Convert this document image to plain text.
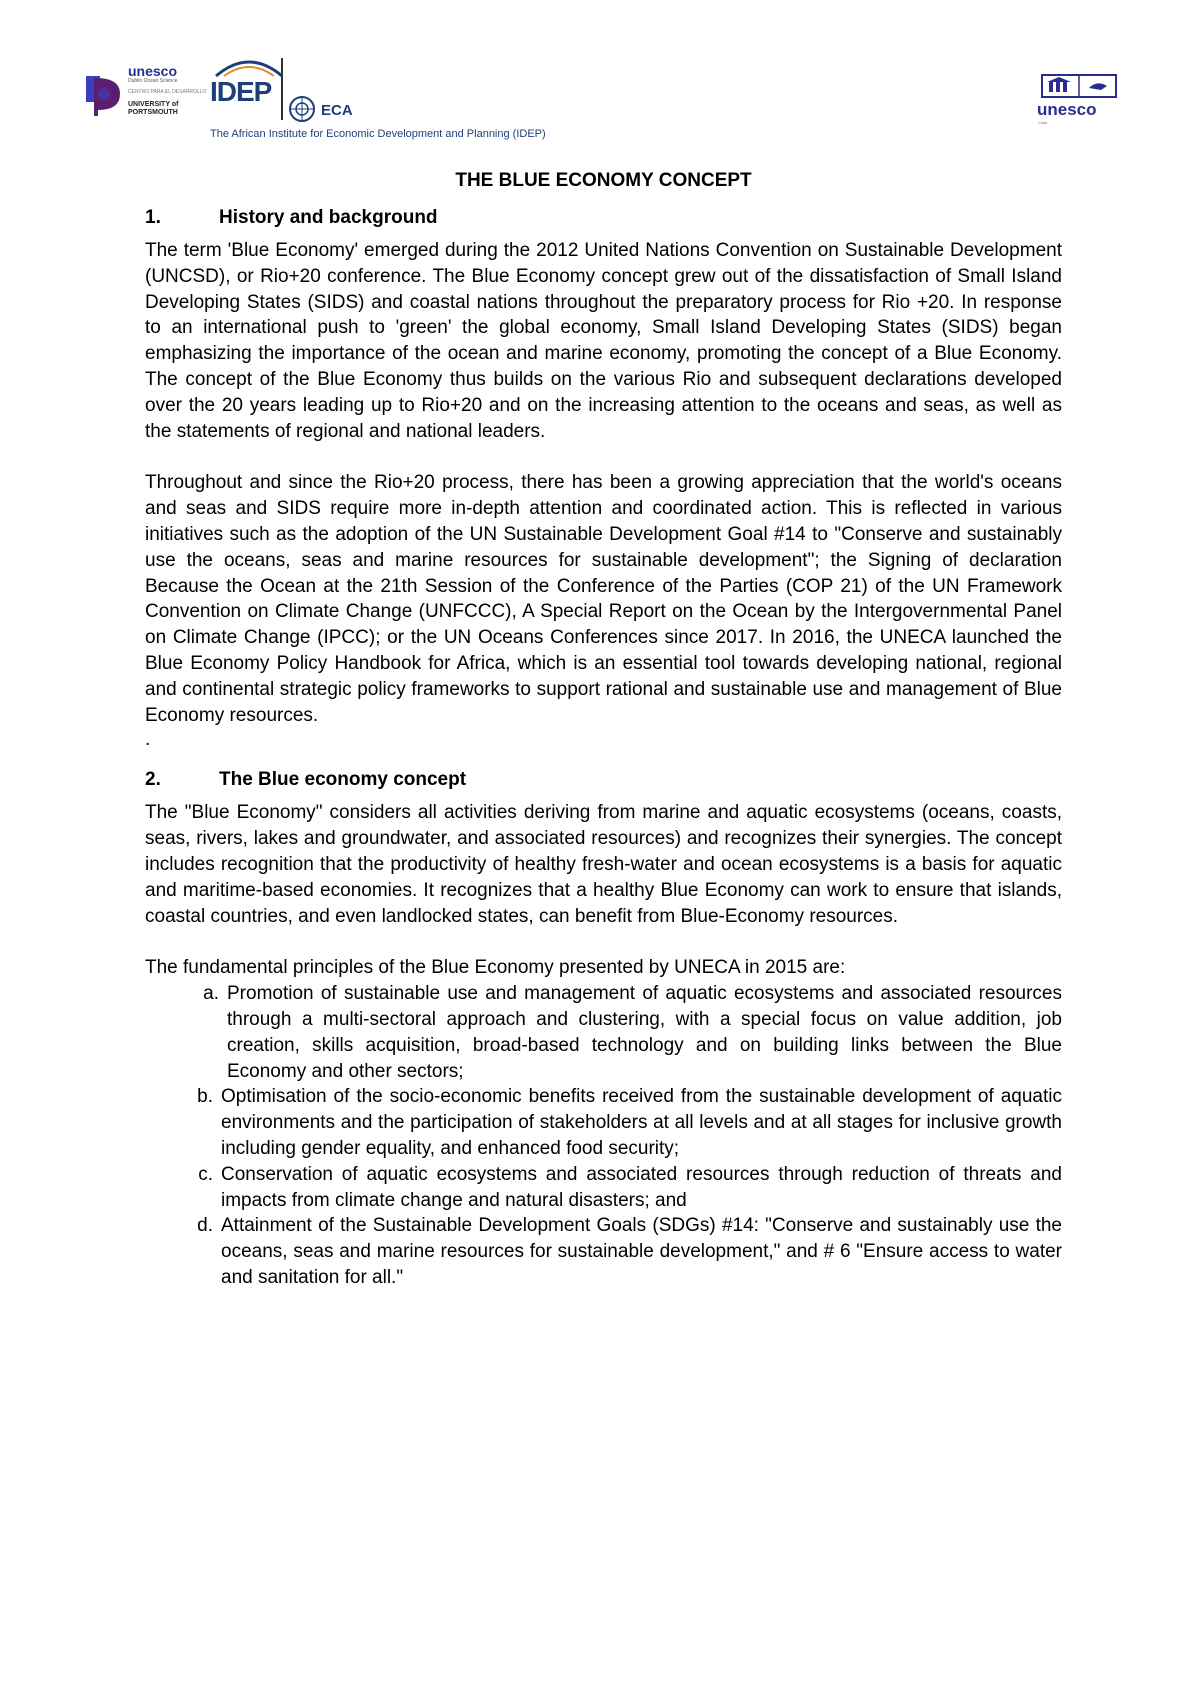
unesco
Dublin Ocean Science
CENTRO PARA EL DESARROLLO
UNIVERSITY of PORTSMOUTH
IDEP
ECA
The African Institute for Economic Development and Planning (IDEP)
unesco
Chair
THE BLUE ECONOMY CONCEPT
1.	History and background

The term 'Blue Economy' emerged during the 2012 United Nations Convention on Sustainable Development (UNCSD), or Rio+20 conference. The Blue Economy concept grew out of the dissatisfaction of Small Island Developing States (SIDS) and coastal nations throughout the preparatory process for Rio +20. In response to an international push to 'green' the global economy, Small Island Developing States (SIDS) began emphasizing the importance of the ocean and marine economy, promoting the concept of a Blue Economy. The concept of the Blue Economy thus builds on the various Rio and subsequent declarations developed over the 20 years leading up to Rio+20 and on the increasing attention to the oceans and seas, as well as the statements of regional and national leaders.

Throughout and since the Rio+20 process, there has been a growing appreciation that the world's oceans and seas and SIDS require more in-depth attention and coordinated action. This is reflected in various initiatives such as the adoption of the UN Sustainable Development Goal #14 to "Conserve and sustainably use the oceans, seas and marine resources for sustainable development"; the Signing of declaration Because the Ocean at the 21th Session of the Conference of the Parties (COP 21) of the UN Framework Convention on Climate Change (UNFCCC), A Special Report on the Ocean by the Intergovernmental Panel on Climate Change (IPCC); or the UN Oceans Conferences since 2017. In 2016, the UNECA launched the Blue Economy Policy Handbook for Africa, which is an essential tool towards developing national, regional and continental strategic policy frameworks to support rational and sustainable use and management of Blue Economy resources.

.
2.	The Blue economy concept

The "Blue Economy" considers all activities deriving from marine and aquatic ecosystems (oceans, coasts, seas, rivers, lakes and groundwater, and associated resources) and recognizes their synergies. The concept includes recognition that the productivity of healthy fresh-water and ocean ecosystems is a basis for aquatic and maritime-based economies. It recognizes that a healthy Blue Economy can work to ensure that islands, coastal countries, and even landlocked states, can benefit from Blue-Economy resources.

The fundamental principles of the Blue Economy presented by UNECA in 2015 are:

a. Promotion of sustainable use and management of aquatic ecosystems and associated resources through a multi-sectoral approach and clustering, with a special focus on value addition, job creation, skills acquisition, broad-based technology and on building links between the Blue Economy and other sectors;
b. Optimisation of the socio-economic benefits received from the sustainable development of aquatic environments and the participation of stakeholders at all levels and at all stages for inclusive growth including gender equality, and enhanced food security;
c. Conservation of aquatic ecosystems and associated resources through reduction of threats and impacts from climate change and natural disasters; and
d. Attainment of the Sustainable Development Goals (SDGs) #14: "Conserve and sustainably use the oceans, seas and marine resources for sustainable development," and # 6 "Ensure access to water and sanitation for all."
